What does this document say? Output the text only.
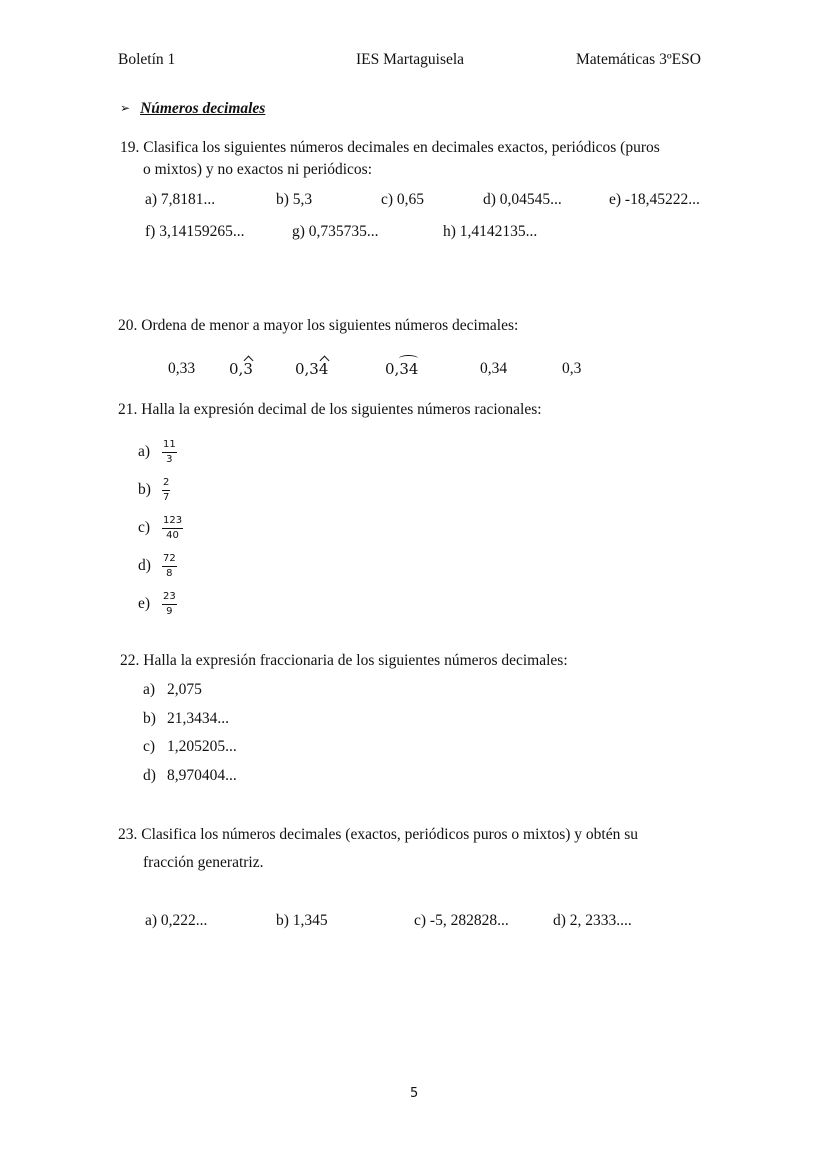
Boletín 1	IES Martaguisela	Matemáticas 3ºESO
➢ Números decimales
19. Clasifica los siguientes números decimales en decimales exactos, periódicos (puros
o mixtos) y no exactos ni periódicos:
a) 7,8181...	b) 5,3	c) 0,65	d) 0,04545...	e) -18,45222...
f) 3,14159265...	g) 0,735735...	h) 1,4142135...
20. Ordena de menor a mayor los siguientes números decimales:
0,33 0,3	0,34	0,34	0,34	0,3
21. Halla la expresión decimal de los siguientes números racionales:
$a) \frac{11}{3}$
$b) \frac{2}{7}$
$c) \frac{123}{40}$
$d) \frac{72}{8}$
$e) \frac{23}{9}$
22. Halla la expresión fraccionaria de los siguientes números decimales:
a) 2,075
b) 21,3434...
c) 1,205205...
d) 8,970404...
23. Clasifica los números decimales (exactos, periódicos puros o mixtos) y obtén su
fracción generatriz.
a) 0,222...	b) 1,345	c) -5, 282828...	d) 2, 2333....
5
